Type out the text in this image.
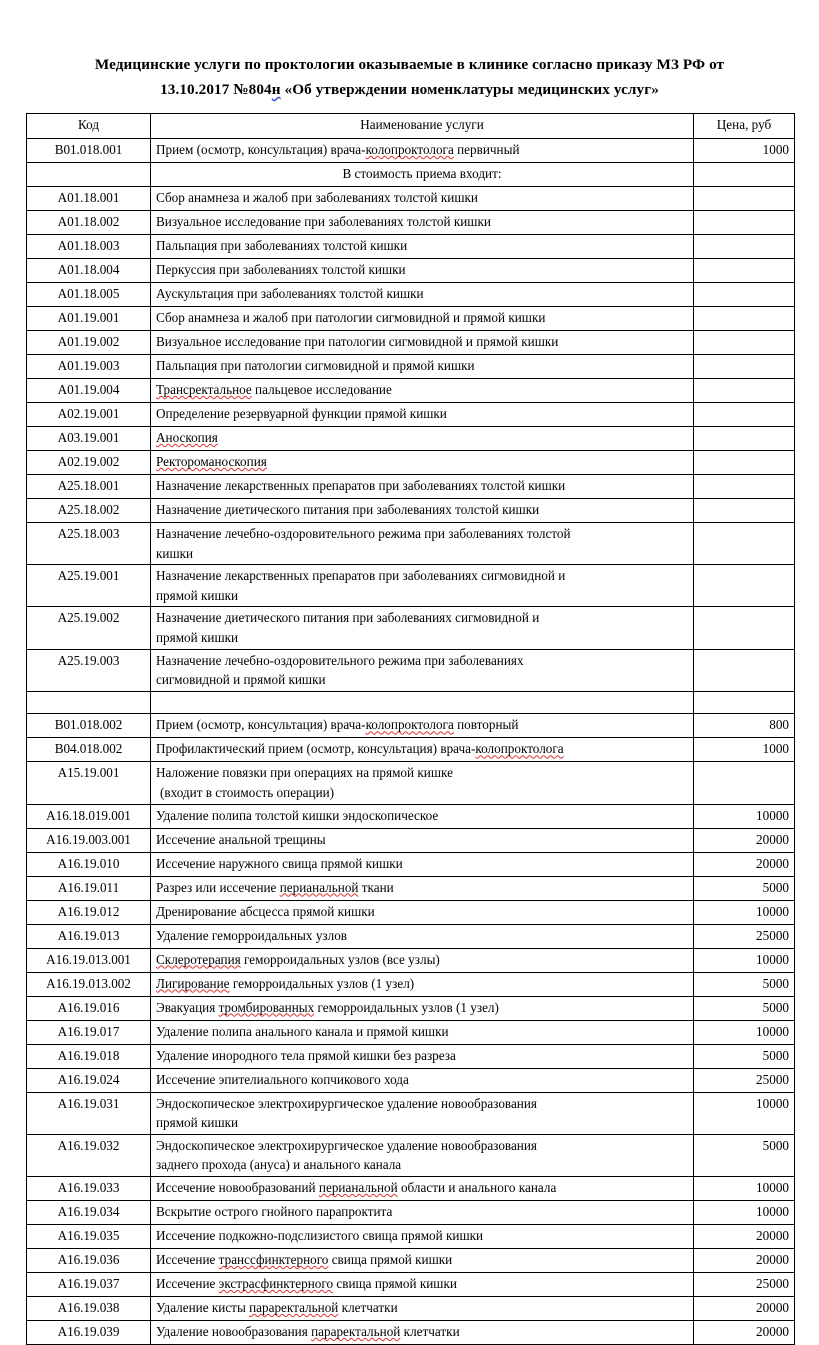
Медицинские услуги по проктологии оказываемые в клинике согласно приказу МЗ РФ от
13.10.2017 №804н «Об утверждении номенклатуры медицинских услуг»
Код	Наименование услуги	Цена, руб
B01.018.001	Прием (осмотр, консультация) врача-колопроктолога первичный	1000
	В стоимость приема входит:	
A01.18.001	Сбор анамнеза и жалоб при заболеваниях толстой кишки	

A01.18.002	Визуальное исследование при заболеваниях толстой кишки	

A01.18.003	Пальпация при заболеваниях толстой кишки	

A01.18.004	Перкуссия при заболеваниях толстой кишки	

A01.18.005	Аускультация при заболеваниях толстой кишки	

A01.19.001	Сбор анамнеза и жалоб при патологии сигмовидной и прямой кишки	

A01.19.002	Визуальное исследование при патологии сигмовидной и прямой кишки	

A01.19.003	Пальпация при патологии сигмовидной и прямой кишки	

A01.19.004	Трансректальное пальцевое исследование	

A02.19.001	Определение резервуарной функции прямой кишки	

A03.19.001	Аноскопия	

A02.19.002	Ректороманоскопия	

A25.18.001	Назначение лекарственных препаратов при заболеваниях толстой кишки	

A25.18.002	Назначение диетического питания при заболеваниях толстой кишки	

A25.18.003	Назначение лечебно-оздоровительного режима при заболеваниях толстой
кишки	

A25.19.001	Назначение лекарственных препаратов при заболеваниях сигмовидной и
прямой кишки	

A25.19.002	Назначение диетического питания при заболеваниях сигмовидной и
прямой кишки	

A25.19.003	Назначение лечебно-оздоровительного режима при заболеваниях
сигмовидной и прямой кишки	

B01.018.002	Прием (осмотр, консультация) врача-колопроктолога повторный	800
B04.018.002	Профилактический прием (осмотр, консультация) врача-колопроктолога	1000
A15.19.001	Наложение повязки при операциях на прямой кишке
(входит в стоимость операции)	

A16.18.019.001	Удаление полипа толстой кишки эндоскопическое	10000
A16.19.003.001	Иссечение анальной трещины	20000
A16.19.010	Иссечение наружного свища прямой кишки	20000
A16.19.011	Разрез или иссечение перианальной ткани	5000
A16.19.012	Дренирование абсцесса прямой кишки	10000
A16.19.013	Удаление геморроидальных узлов	25000
A16.19.013.001	Склеротерапия геморроидальных узлов (все узлы)	10000
A16.19.013.002	Лигирование геморроидальных узлов (1 узел)	5000
A16.19.016	Эвакуация тромбированных геморроидальных узлов (1 узел)	5000
A16.19.017	Удаление полипа анального канала и прямой кишки	10000
A16.19.018	Удаление инородного тела прямой кишки без разреза	5000
A16.19.024	Иссечение эпителиального копчикового хода	25000
A16.19.031	Эндоскопическое электрохирургическое удаление новообразования
прямой кишки	10000
A16.19.032	Эндоскопическое электрохирургическое удаление новообразования
заднего прохода (ануса) и анального канала	5000
A16.19.033	Иссечение новообразований перианальной области и анального канала	10000
A16.19.034	Вскрытие острого гнойного парапроктита	10000
A16.19.035	Иссечение подкожно-подслизистого свища прямой кишки	20000
A16.19.036	Иссечение транссфинктерного свища прямой кишки	20000
A16.19.037	Иссечение экстрасфинктерного свища прямой кишки	25000
A16.19.038	Удаление кисты параректальной клетчатки	20000
A16.19.039	Удаление новообразования параректальной клетчатки	20000
